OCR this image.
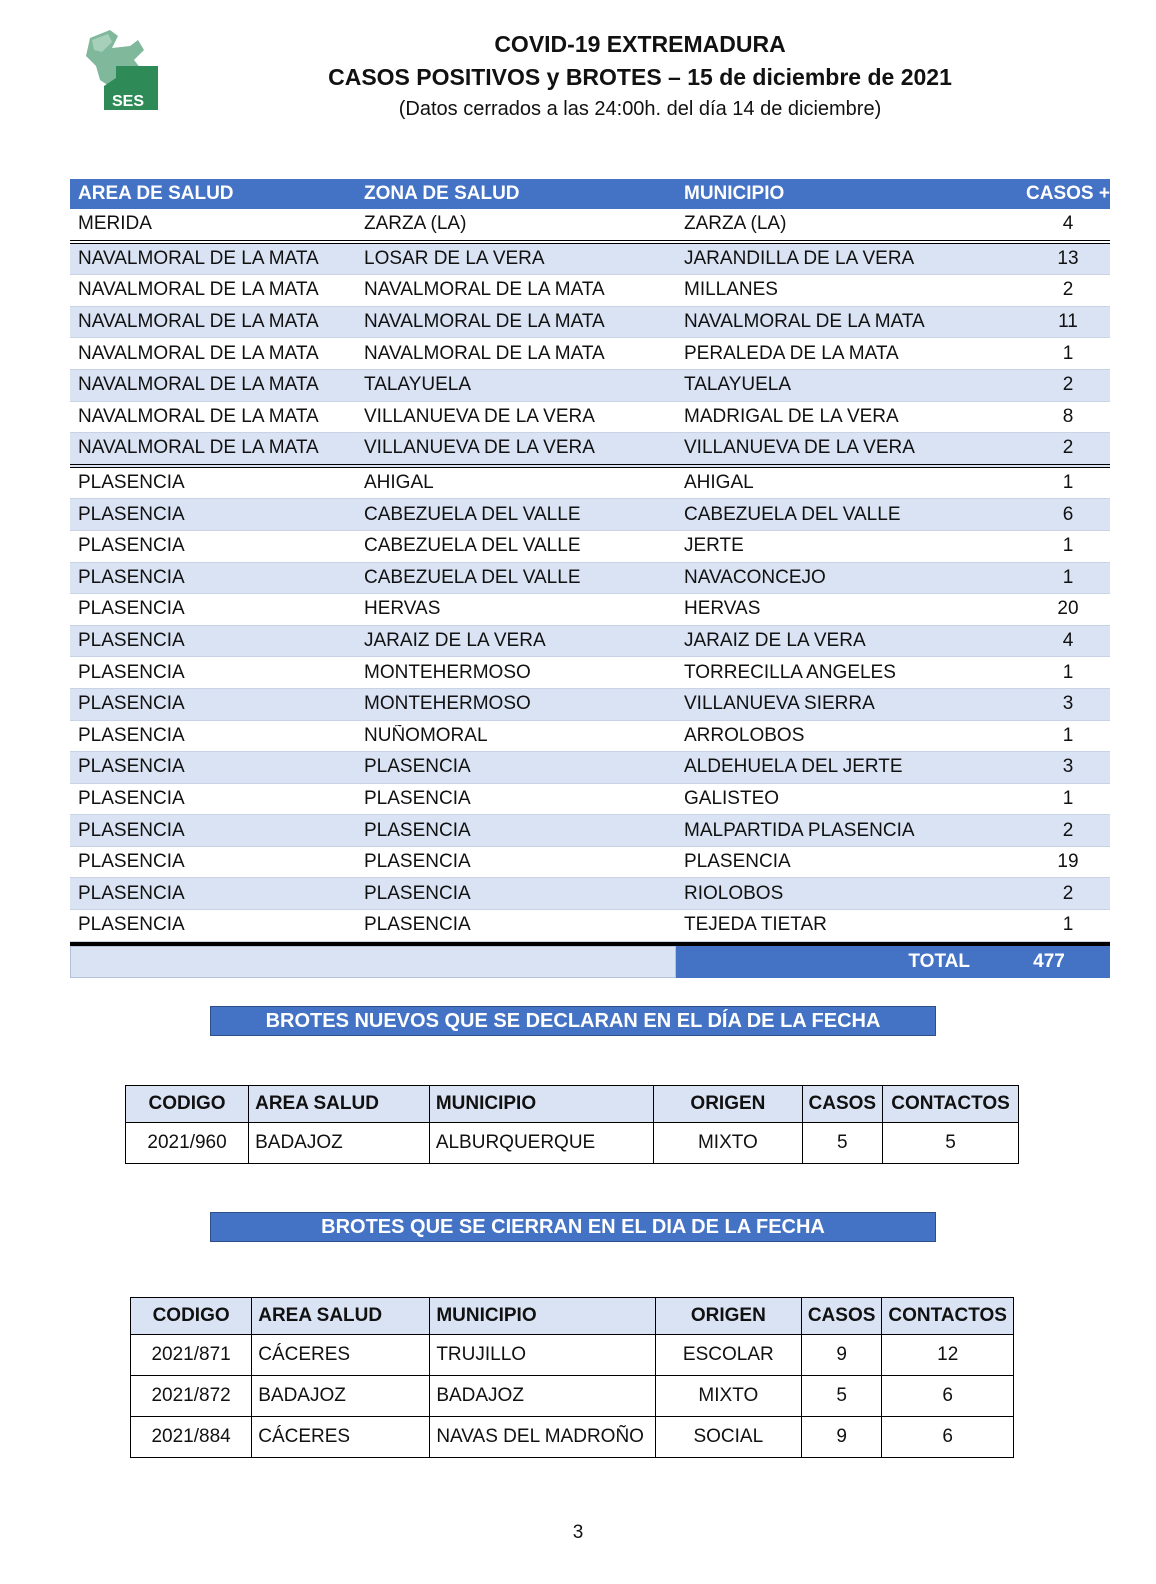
SES
COVID-19 EXTREMADURA
CASOS POSITIVOS y BROTES – 15 de diciembre de 2021
(Datos cerrados a las 24:00h. del día 14 de diciembre)
AREA DE SALUD	ZONA DE SALUD	MUNICIPIO	CASOS +
MERIDA	ZARZA (LA)	ZARZA (LA)	4
NAVALMORAL DE LA MATA	LOSAR DE LA VERA	JARANDILLA DE LA VERA	13
NAVALMORAL DE LA MATA	NAVALMORAL DE LA MATA	MILLANES	2
NAVALMORAL DE LA MATA	NAVALMORAL DE LA MATA	NAVALMORAL DE LA MATA	11
NAVALMORAL DE LA MATA	NAVALMORAL DE LA MATA	PERALEDA DE LA MATA	1
NAVALMORAL DE LA MATA	TALAYUELA	TALAYUELA	2
NAVALMORAL DE LA MATA	VILLANUEVA DE LA VERA	MADRIGAL DE LA VERA	8
NAVALMORAL DE LA MATA	VILLANUEVA DE LA VERA	VILLANUEVA DE LA VERA	2
PLASENCIA	AHIGAL	AHIGAL	1
PLASENCIA	CABEZUELA DEL VALLE	CABEZUELA DEL VALLE	6
PLASENCIA	CABEZUELA DEL VALLE	JERTE	1
PLASENCIA	CABEZUELA DEL VALLE	NAVACONCEJO	1
PLASENCIA	HERVAS	HERVAS	20
PLASENCIA	JARAIZ DE LA VERA	JARAIZ DE LA VERA	4
PLASENCIA	MONTEHERMOSO	TORRECILLA ANGELES	1
PLASENCIA	MONTEHERMOSO	VILLANUEVA SIERRA	3
PLASENCIA	NUÑOMORAL	ARROLOBOS	1
PLASENCIA	PLASENCIA	ALDEHUELA DEL JERTE	3
PLASENCIA	PLASENCIA	GALISTEO	1
PLASENCIA	PLASENCIA	MALPARTIDA PLASENCIA	2
PLASENCIA	PLASENCIA	PLASENCIA	19
PLASENCIA	PLASENCIA	RIOLOBOS	2
PLASENCIA	PLASENCIA	TEJEDA TIETAR	1
TOTAL	477
BROTES NUEVOS QUE SE DECLARAN EN EL DÍA DE LA FECHA
CODIGO	AREA SALUD	MUNICIPIO	ORIGEN	CASOS	CONTACTOS
2021/960	BADAJOZ	ALBURQUERQUE	MIXTO	5	5
BROTES QUE SE CIERRAN EN EL DIA DE LA FECHA
CODIGO	AREA SALUD	MUNICIPIO	ORIGEN	CASOS	CONTACTOS
2021/871	CÁCERES	TRUJILLO	ESCOLAR	9	12
2021/872	BADAJOZ	BADAJOZ	MIXTO	5	6
2021/884	CÁCERES	NAVAS DEL MADROÑO	SOCIAL	9	6
3
